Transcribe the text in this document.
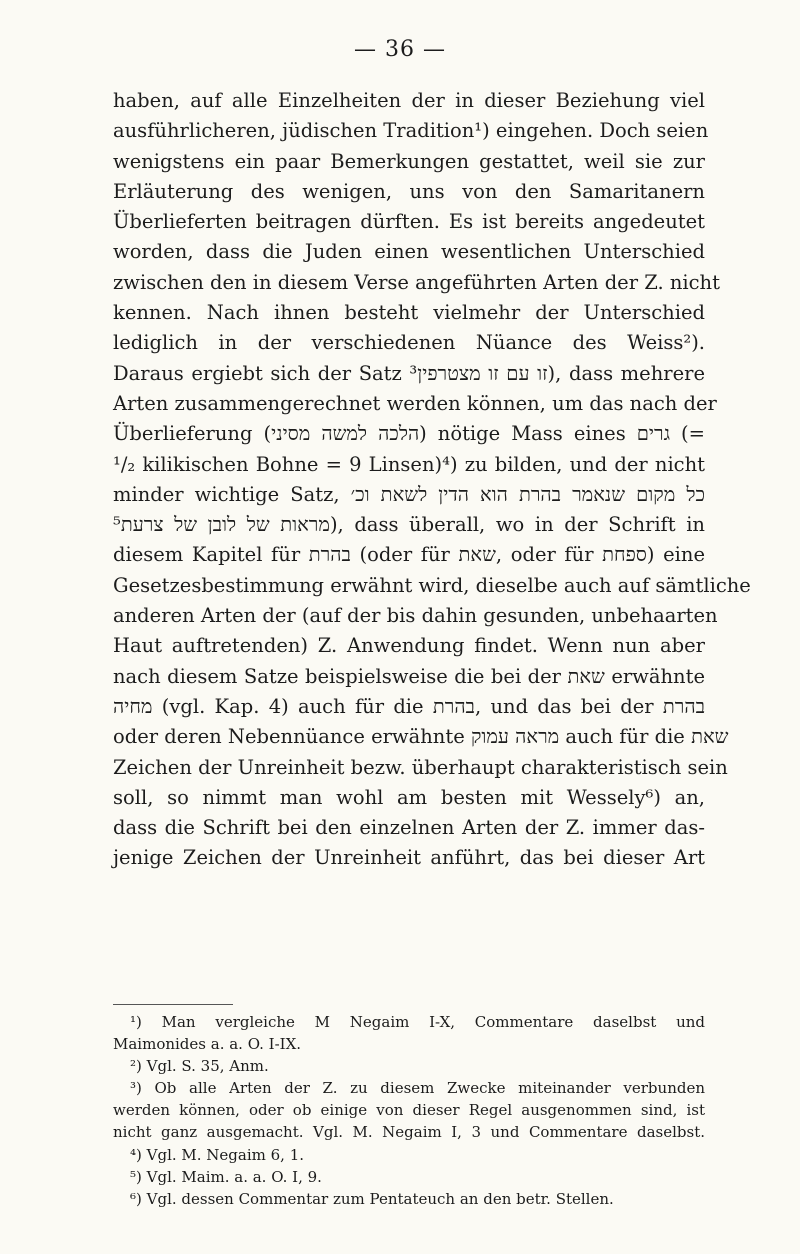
— 36 —
haben, auf alle Einzelheiten der in dieser Beziehung viel
ausführlicheren, jüdischen Tradition¹) eingehen. Doch seien
wenigstens ein paar Bemerkungen gestattet, weil sie zur
Erläuterung des wenigen, uns von den Samaritanern
Überlieferten beitragen dürften. Es ist bereits angedeutet
worden, dass die Juden einen wesentlichen Unterschied
zwischen den in diesem Verse angeführten Arten der Z. nicht
kennen. Nach ihnen besteht vielmehr der Unterschied
lediglich in der verschiedenen Nüance des Weiss²).
Daraus ergiebt sich der Satz זו עם זו מצטרפין³), dass mehrere
Arten zusammengerechnet werden können, um das nach der
Überlieferung (הלכה למשה מסיני) nötige Mass eines גרים (=
¹/₂ kilikischen Bohne = 9 Linsen)⁴) zu bilden, und der nicht
minder wichtige Satz, כל מקום שנאמר בהרת הוא הדין לשאת וכ׳
מראות של לובן של צרעת⁵), dass überall, wo in der Schrift in
diesem Kapitel für בהרת (oder für שאת, oder für ספחת) eine
Gesetzesbestimmung erwähnt wird, dieselbe auch auf sämtliche
anderen Arten der (auf der bis dahin gesunden, unbehaarten
Haut auftretenden) Z. Anwendung findet. Wenn nun aber
nach diesem Satze beispielsweise die bei der שאת erwähnte
מחיה (vgl. Kap. 4) auch für die בהרת, und das bei der בהרת
oder deren Nebennüance erwähnte מראה עמוק auch für die שאת
Zeichen der Unreinheit bezw. überhaupt charakteristisch sein
soll, so nimmt man wohl am besten mit Wessely⁶) an,
dass die Schrift bei den einzelnen Arten der Z. immer das-
jenige Zeichen der Unreinheit anführt, das bei dieser Art
¹) Man vergleiche M Negaim I-X, Commentare daselbst und
Maimonides a. a. O. I-IX.
²) Vgl. S. 35, Anm.
³) Ob alle Arten der Z. zu diesem Zwecke miteinander verbunden
werden können, oder ob einige von dieser Regel ausgenommen sind, ist
nicht ganz ausgemacht. Vgl. M. Negaim I, 3 und Commentare daselbst.
⁴) Vgl. M. Negaim 6, 1.
⁵) Vgl. Maim. a. a. O. I, 9.
⁶) Vgl. dessen Commentar zum Pentateuch an den betr. Stellen.
